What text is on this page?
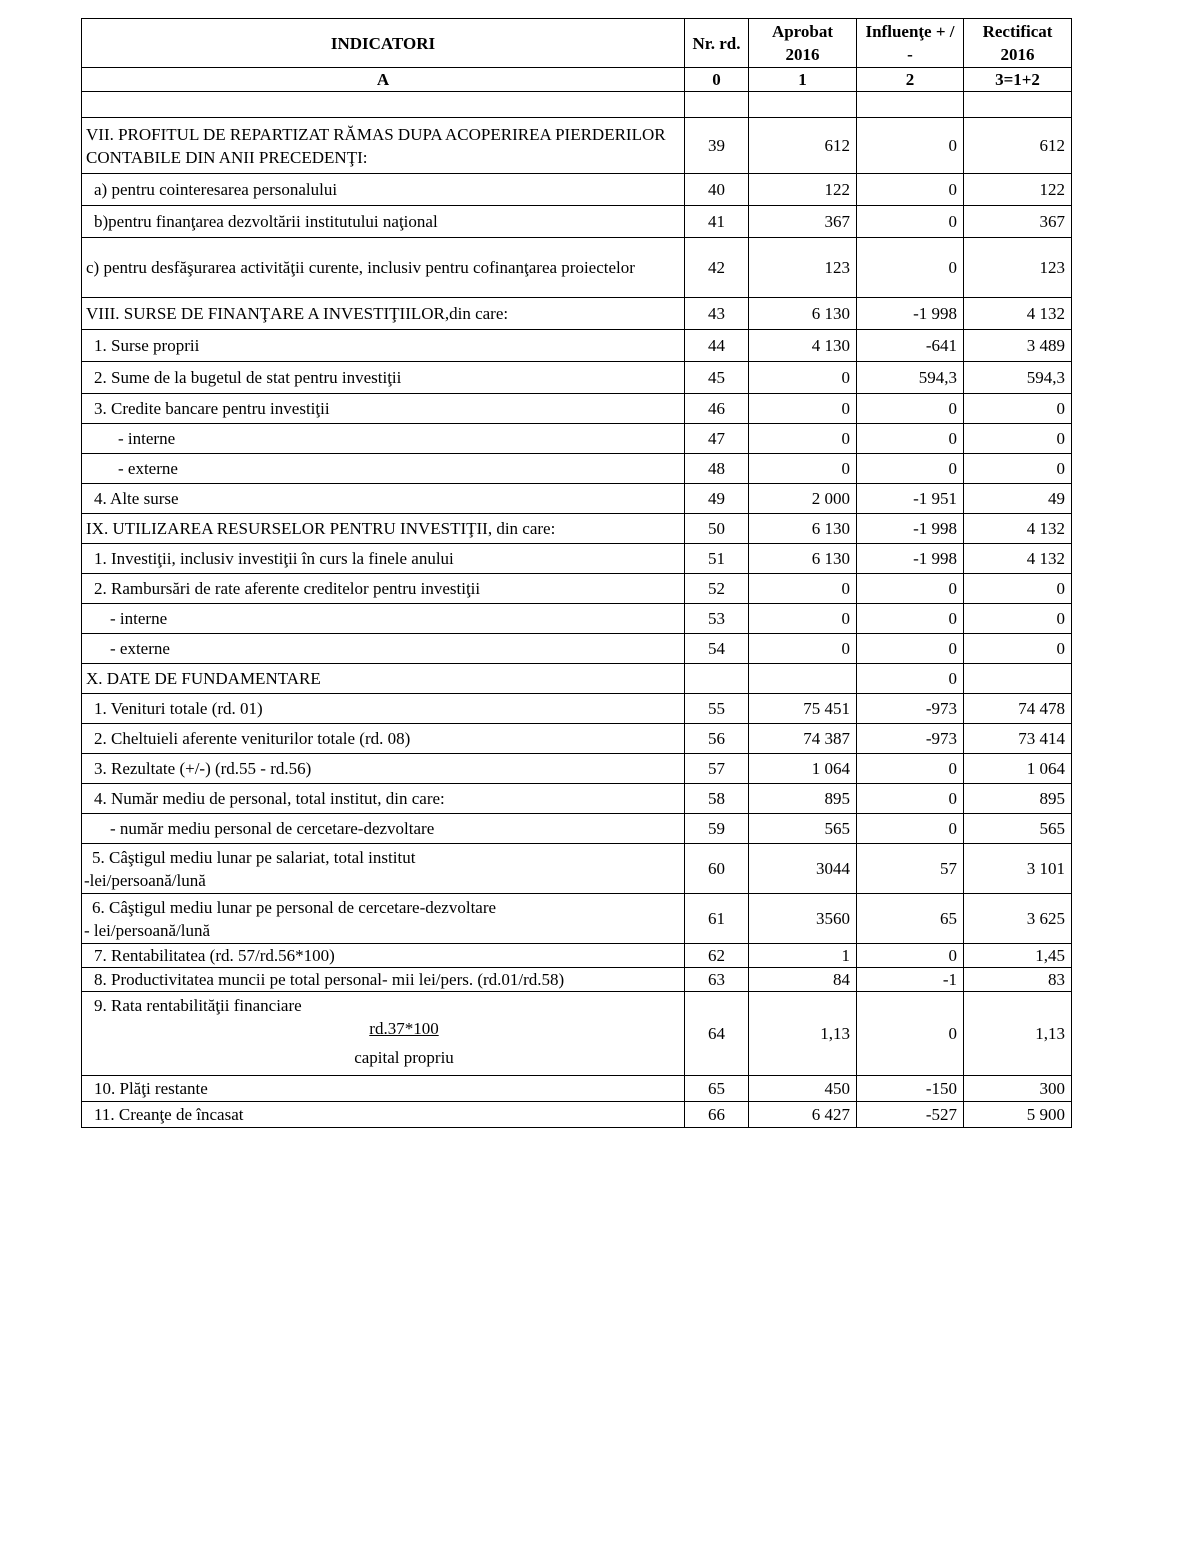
INDICATORI	Nr. rd.	Aprobat 2016	Influenţe + / -	Rectificat 2016
A	0	1	2	3=1+2

VII. PROFITUL DE REPARTIZAT RĂMAS DUPA ACOPERIREA PIERDERILOR CONTABILE DIN ANII PRECEDENŢI:	39	612	0	612
a) pentru cointeresarea personalului	40	122	0	122
b)pentru finanţarea dezvoltării institutului naţional	41	367	0	367
c) pentru desfăşurarea activităţii curente, inclusiv pentru cofinanţarea proiectelor	42	123	0	123
VIII. SURSE DE FINANŢARE A INVESTIŢIILOR,din care:	43	6 130	-1 998	4 132
1. Surse proprii	44	4 130	-641	3 489
2. Sume de la bugetul de stat pentru investiţii	45	0	594,3	594,3
3. Credite bancare pentru investiţii	46	0	0	0
- interne	47	0	0	0
- externe	48	0	0	0
4. Alte surse	49	2 000	-1 951	49
IX. UTILIZAREA RESURSELOR PENTRU INVESTIŢII, din care:	50	6 130	-1 998	4 132
1. Investiţii, inclusiv investiţii în curs la finele anului	51	6 130	-1 998	4 132
2. Rambursări de rate aferente creditelor pentru investiţii	52	0	0	0
- interne	53	0	0	0
- externe	54	0	0	0
X. DATE DE FUNDAMENTARE			0	
1. Venituri totale (rd. 01)	55	75 451	-973	74 478
2. Cheltuieli aferente veniturilor totale (rd. 08)	56	74 387	-973	73 414
3. Rezultate (+/-) (rd.55 - rd.56)	57	1 064	0	1 064
4. Număr mediu de personal, total institut, din care:	58	895	0	895
- număr mediu personal de cercetare-dezvoltare	59	565	0	565

5. Câştigul mediu lunar pe salariat, total institut
-lei/persoană/lună	60	3044	57	3 101

6. Câştigul mediu lunar pe personal de cercetare-dezvoltare
- lei/persoană/lună	61	3560	65	3 625
7. Rentabilitatea (rd. 57/rd.56*100)	62	1	0	1,45
8. Productivitatea muncii pe total personal- mii lei/pers. (rd.01/rd.58)	63	84	-1	83

9. Rata rentabilităţii financiare
rd.37*100
capital propriu	64	1,13	0	1,13
10. Plăţi restante	65	450	-150	300
11. Creanţe de încasat	66	6 427	-527	5 900
